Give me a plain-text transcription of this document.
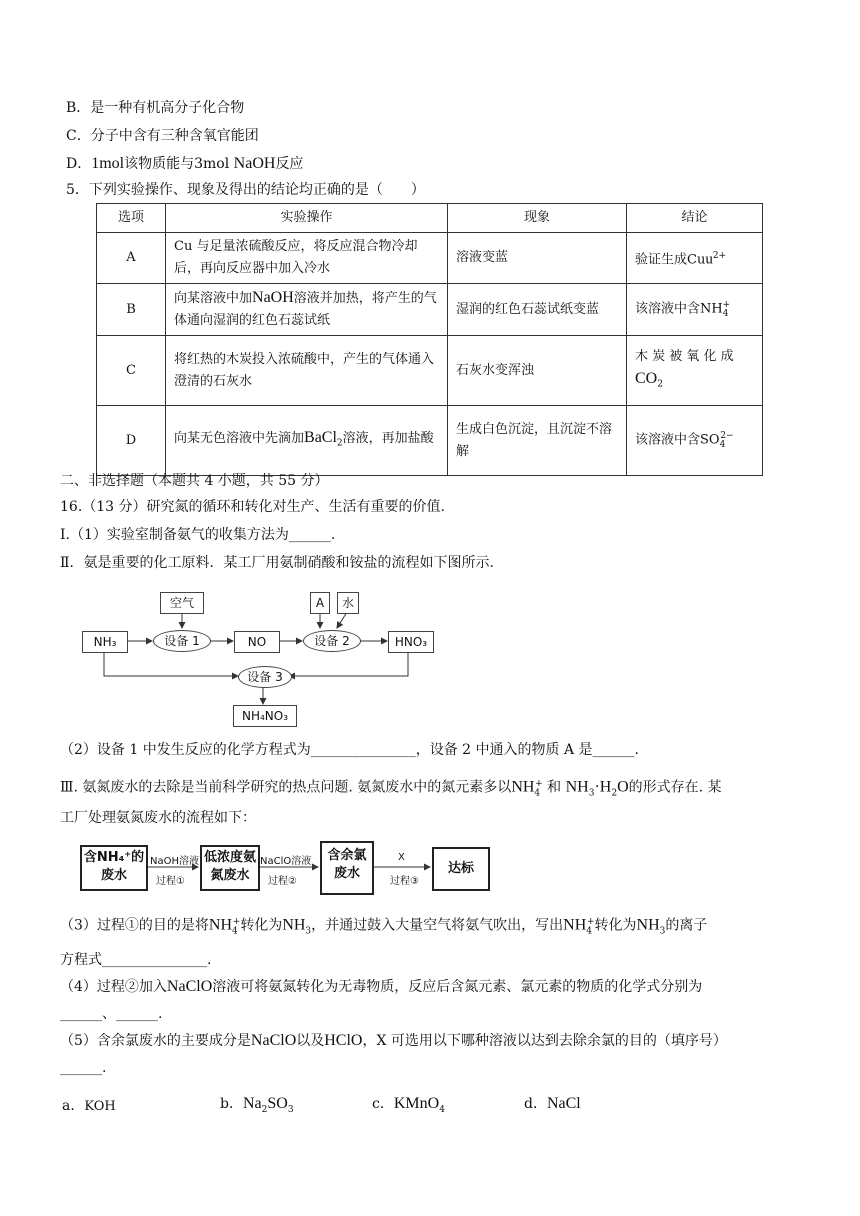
B．是一种有机高分子化合物
C．分子中含有三种含氧官能团
D．1mol该物质能与3mol NaOH反应
5．下列实验操作、现象及得出的结论均正确的是（　　）
选项	实验操作	现象	结论
A	Cu 与足量浓硫酸反应，将反应混合物冷却后，再向反应器中加入冷水	溶液变蓝	验证生成Cuu$^{2+}$
B	向某溶液中加NaOH溶液并加热，将产生的气体通向湿润的红色石蕊试纸	湿润的红色石蕊试纸变蓝	该溶液中含$NH_4^+$
C	将红热的木炭投入浓硫酸中，产生的气体通入澄清的石灰水	石灰水变浑浊	木 炭 被 氧 化 成
$CO_2$

D	向某无色溶液中先滴加BaCl$_2$溶液，再加盐酸	生成白色沉淀，且沉淀不溶解	该溶液中含$SO_4^{2-}$
二、非选择题（本题共 4 小题，共 55 分）
16.（13 分）研究氮的循环和转化对生产、生活有重要的价值.
I.（1）实验室制备氨气的收集方法为______.
Ⅱ．氨是重要的化工原料．某工厂用氨制硝酸和铵盐的流程如下图所示.
空气	A	水
NH₃	设备 1	NO	设备 2	HNO₃
设备 3
NH₄NO₃
（2）设备 1 中发生反应的化学方程式为_______________，设备 2 中通入的物质 A 是______.
Ⅲ. 氨氮废水的去除是当前科学研究的热点问题. 氨氮废水中的氮元素多以$NH_4^+$ 和 $NH_3\cdot H_2O$的形式存在. 某
工厂处理氨氮废水的流程如下：
含NH₄⁺的
废水
NaOH溶液
过程①
低浓度氨
氮废水
NaClO溶液
过程②
含余氯
废水
X
过程③
达标
（3）过程①的目的是将$NH_4^+$转化为$NH_3$，并通过鼓入大量空气将氨气吹出，写出$NH_4^+$转化为$NH_3$的离子
方程式_______________.
（4）过程②加入NaClO溶液可将氨氮转化为无毒物质，反应后含氮元素、氯元素的物质的化学式分别为
______、______.
（5）含余氯废水的主要成分是NaClO以及HClO，X 可选用以下哪种溶液以达到去除余氯的目的（填序号）
______.
a．KOH	b．$Na_2SO_3$	c．KMnO$_4$	d．NaCl
